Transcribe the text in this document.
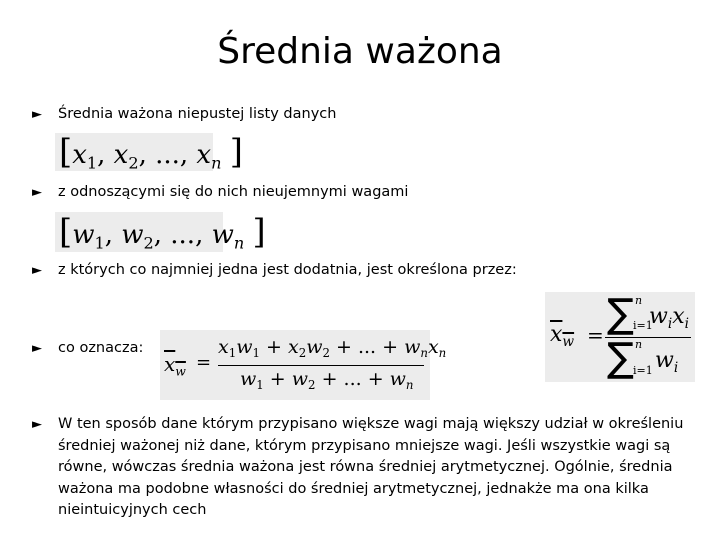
Średnia ważona
►	Średnia ważona niepustej listy danych
[$x_1$, $x_2$, ..., $x_n$ ]
►	z odnoszącymi się do nich nieujemnymi wagami
[$w_1$, $w_2$, ..., $w_n$ ]
►	z których co najmniej jedna jest dodatnia, jest określona przez:
$x_w$ = ∑ n
i=1
$w_ix_i$
∑ n
i=1 $w_i$
►	co oznacza:
$x_w$ =
$x_1w_1 + x_2w_2$ + ... + $w_nx_n$
$w_1 + w_2$ + ... + $w_n$
►	W ten sposób dane którym przypisano większe wagi mają większy udział w określeniu średniej ważonej niż dane, którym przypisano mniejsze wagi. Jeśli wszystkie wagi są równe, wówczas średnia ważona jest równa średniej arytmetycznej. Ogólnie, średnia ważona ma podobne własności do średniej arytmetycznej, jednakże ma ona kilka nieintuicyjnych cech
